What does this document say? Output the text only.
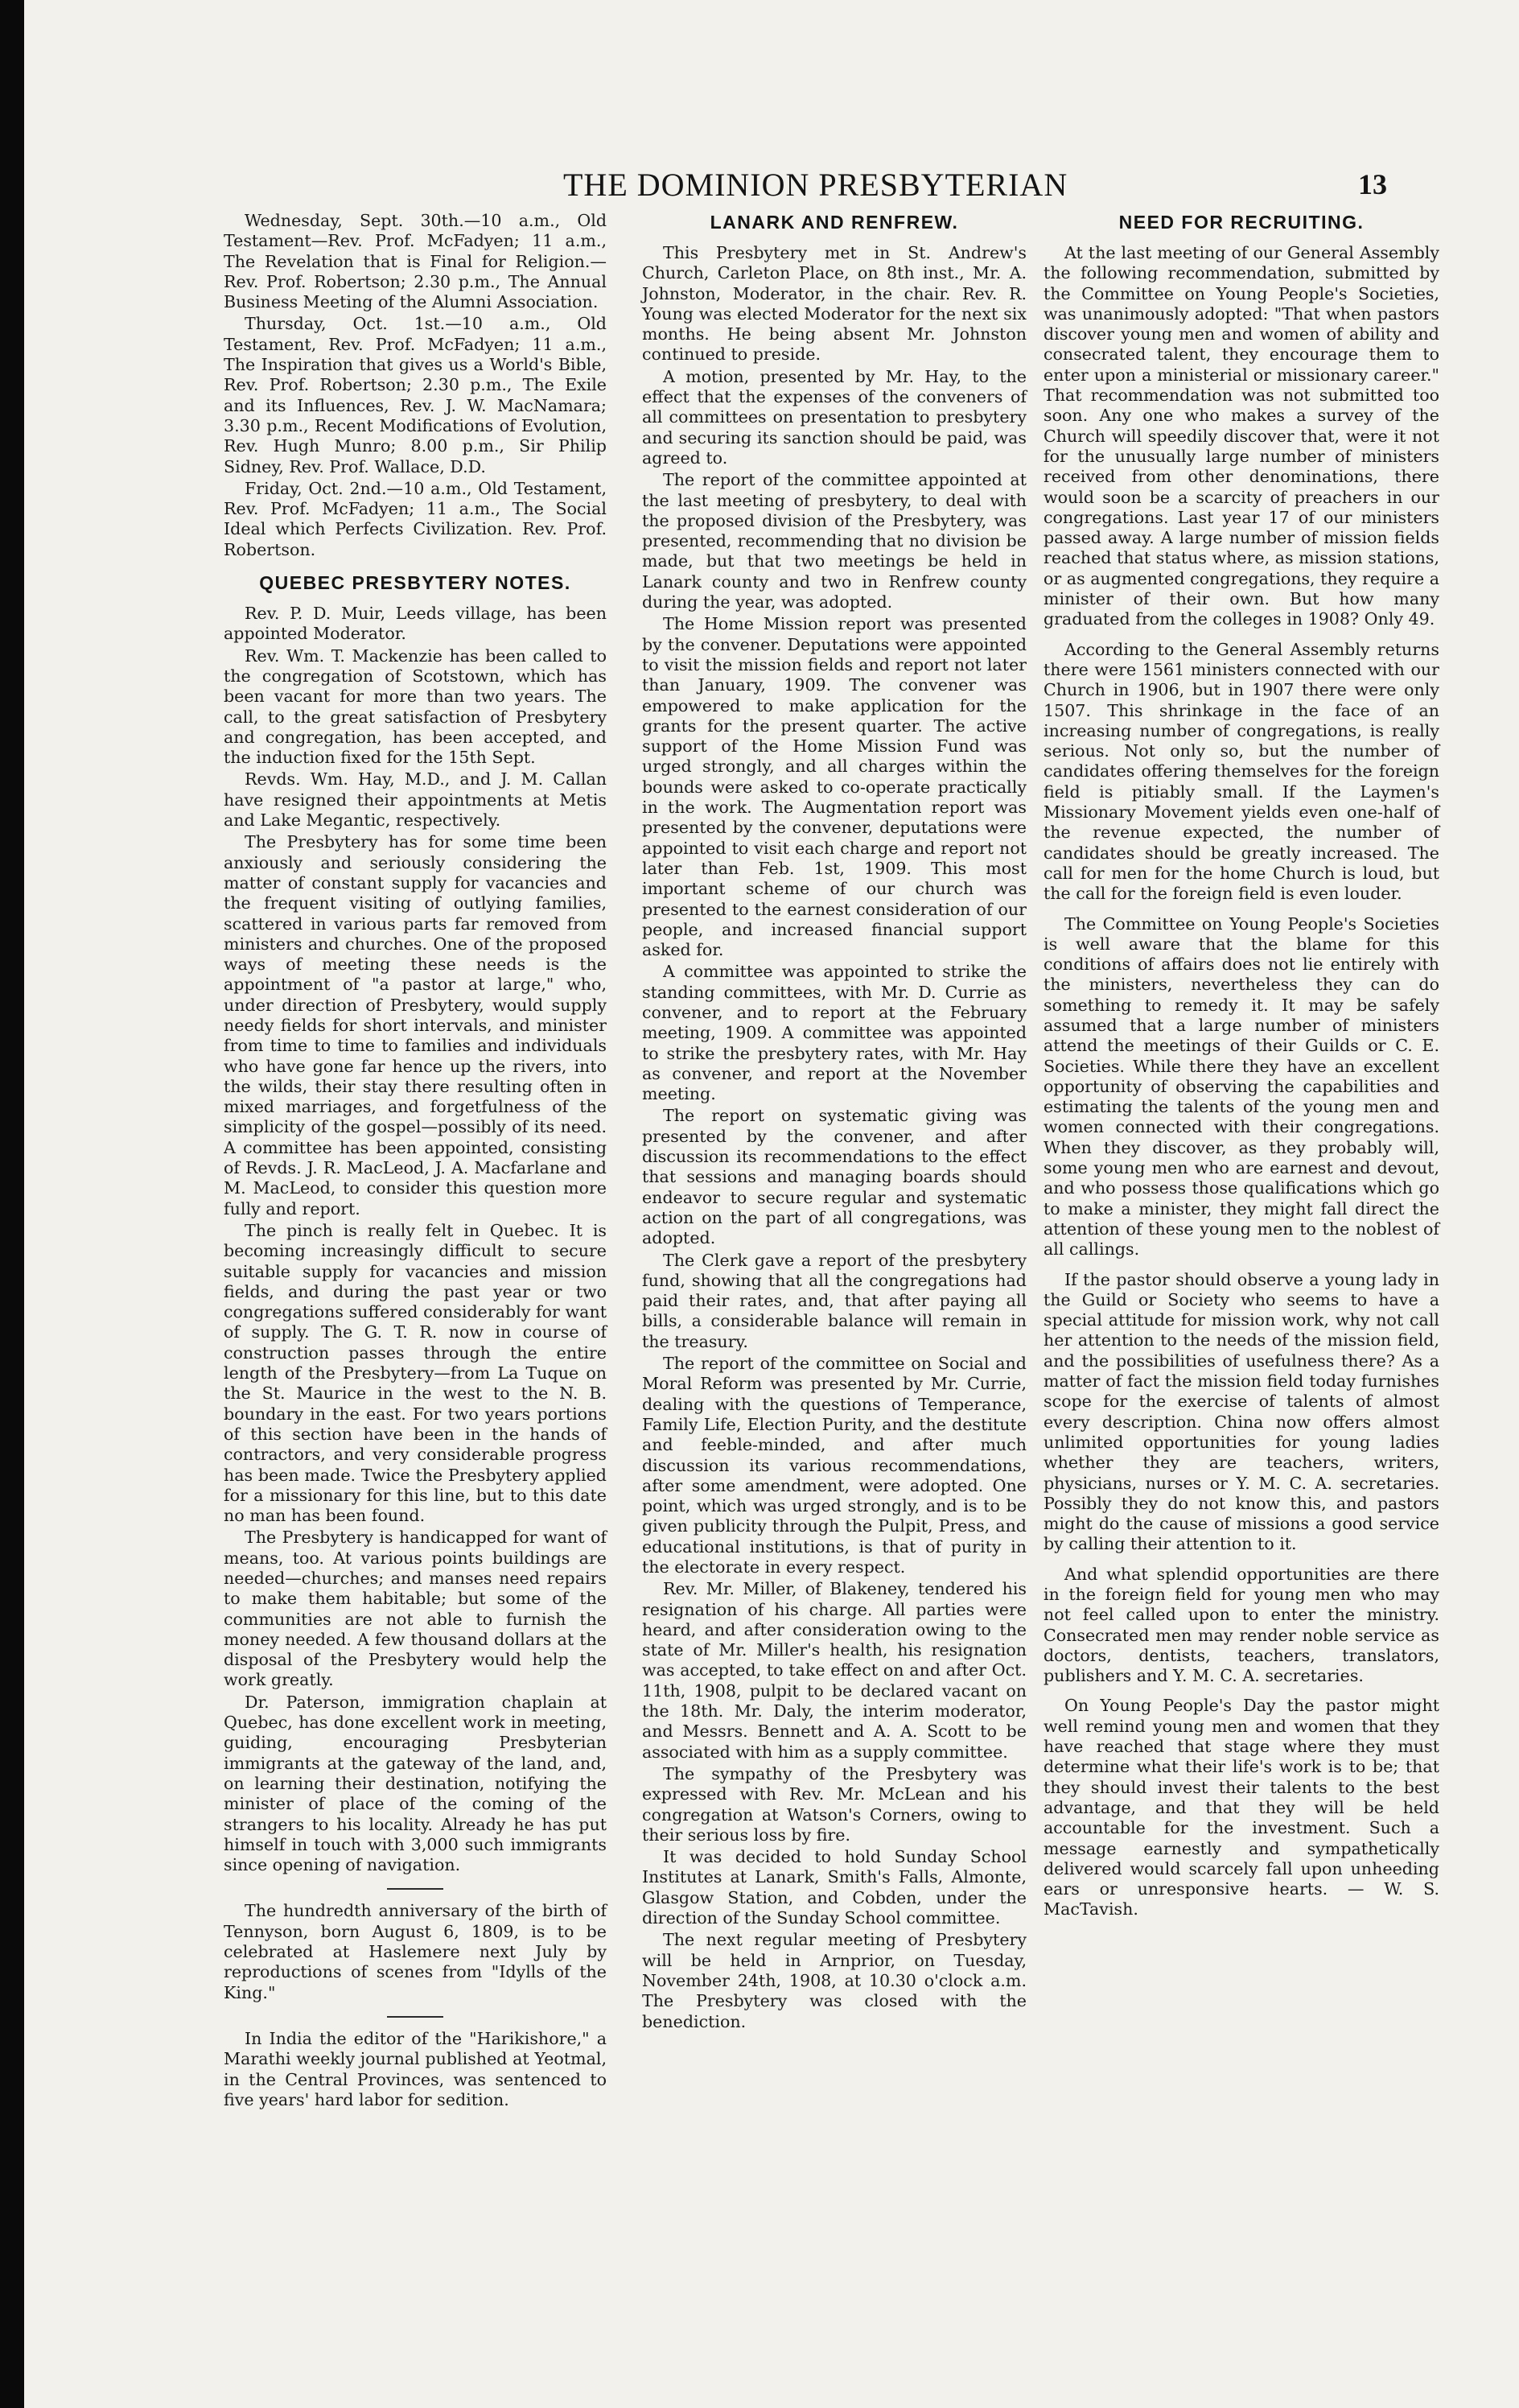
THE DOMINION PRESBYTERIAN	13

Wednesday, Sept. 30th.—10 a.m., Old Testament—Rev. Prof. McFadyen; 11 a.m., The Revelation that is Final for Religion.—Rev. Prof. Robertson; 2.30 p.m., The Annual Business Meeting of the Alumni Association.

Thursday, Oct. 1st.—10 a.m., Old Testament, Rev. Prof. McFadyen; 11 a.m., The Inspiration that gives us a World's Bible, Rev. Prof. Robertson; 2.30 p.m., The Exile and its Influences, Rev. J. W. MacNamara; 3.30 p.m., Recent Modifications of Evolution, Rev. Hugh Munro; 8.00 p.m., Sir Philip Sidney, Rev. Prof. Wallace, D.D.

Friday, Oct. 2nd.—10 a.m., Old Testament, Rev. Prof. McFadyen; 11 a.m., The Social Ideal which Perfects Civilization. Rev. Prof. Robertson.

QUEBEC PRESBYTERY NOTES.

Rev. P. D. Muir, Leeds village, has been appointed Moderator.

Rev. Wm. T. Mackenzie has been called to the congregation of Scotstown, which has been vacant for more than two years. The call, to the great satisfaction of Presbytery and congregation, has been accepted, and the induction fixed for the 15th Sept.

Revds. Wm. Hay, M.D., and J. M. Callan have resigned their appointments at Metis and Lake Megantic, respectively.

The Presbytery has for some time been anxiously and seriously considering the matter of constant supply for vacancies and the frequent visiting of outlying families, scattered in various parts far removed from ministers and churches. One of the proposed ways of meeting these needs is the appointment of "a pastor at large," who, under direction of Presbytery, would supply needy fields for short intervals, and minister from time to time to families and individuals who have gone far hence up the rivers, into the wilds, their stay there resulting often in mixed marriages, and forgetfulness of the simplicity of the gospel—possibly of its need. A committee has been appointed, consisting of Revds. J. R. MacLeod, J. A. Macfarlane and M. MacLeod, to consider this question more fully and report.

The pinch is really felt in Quebec. It is becoming increasingly difficult to secure suitable supply for vacancies and mission fields, and during the past year or two congregations suffered considerably for want of supply. The G. T. R. now in course of construction passes through the entire length of the Presbytery—from La Tuque on the St. Maurice in the west to the N. B. boundary in the east. For two years portions of this section have been in the hands of contractors, and very considerable progress has been made. Twice the Presbytery applied for a missionary for this line, but to this date no man has been found.

The Presbytery is handicapped for want of means, too. At various points buildings are needed—churches; and manses need repairs to make them habitable; but some of the communities are not able to furnish the money needed. A few thousand dollars at the disposal of the Presbytery would help the work greatly.

Dr. Paterson, immigration chaplain at Quebec, has done excellent work in meeting, guiding, encouraging Presbyterian immigrants at the gateway of the land, and, on learning their destination, notifying the minister of place of the coming of the strangers to his locality. Already he has put himself in touch with 3,000 such immigrants since opening of navigation.

The hundredth anniversary of the birth of Tennyson, born August 6, 1809, is to be celebrated at Haslemere next July by reproductions of scenes from "Idylls of the King."

In India the editor of the "Harikishore," a Marathi weekly journal published at Yeotmal, in the Central Provinces, was sentenced to five years' hard labor for sedition.

LANARK AND RENFREW.

This Presbytery met in St. Andrew's Church, Carleton Place, on 8th inst., Mr. A. Johnston, Moderator, in the chair. Rev. R. Young was elected Moderator for the next six months. He being absent Mr. Johnston continued to preside.

A motion, presented by Mr. Hay, to the effect that the expenses of the conveners of all committees on presentation to presbytery and securing its sanction should be paid, was agreed to.

The report of the committee appointed at the last meeting of presbytery, to deal with the proposed division of the Presbytery, was presented, recommending that no division be made, but that two meetings be held in Lanark county and two in Renfrew county during the year, was adopted.

The Home Mission report was presented by the convener. Deputations were appointed to visit the mission fields and report not later than January, 1909. The convener was empowered to make application for the grants for the present quarter. The active support of the Home Mission Fund was urged strongly, and all charges within the bounds were asked to co-operate practically in the work. The Augmentation report was presented by the convener, deputations were appointed to visit each charge and report not later than Feb. 1st, 1909. This most important scheme of our church was presented to the earnest consideration of our people, and increased financial support asked for.

A committee was appointed to strike the standing committees, with Mr. D. Currie as convener, and to report at the February meeting, 1909. A committee was appointed to strike the presbytery rates, with Mr. Hay as convener, and report at the November meeting.

The report on systematic giving was presented by the convener, and after discussion its recommendations to the effect that sessions and managing boards should endeavor to secure regular and systematic action on the part of all congregations, was adopted.

The Clerk gave a report of the presbytery fund, showing that all the congregations had paid their rates, and, that after paying all bills, a considerable balance will remain in the treasury.

The report of the committee on Social and Moral Reform was presented by Mr. Currie, dealing with the questions of Temperance, Family Life, Election Purity, and the destitute and feeble-minded, and after much discussion its various recommendations, after some amendment, were adopted. One point, which was urged strongly, and is to be given publicity through the Pulpit, Press, and educational institutions, is that of purity in the electorate in every respect.

Rev. Mr. Miller, of Blakeney, tendered his resignation of his charge. All parties were heard, and after consideration owing to the state of Mr. Miller's health, his resignation was accepted, to take effect on and after Oct. 11th, 1908, pulpit to be declared vacant on the 18th. Mr. Daly, the interim moderator, and Messrs. Bennett and A. A. Scott to be associated with him as a supply committee.

The sympathy of the Presbytery was expressed with Rev. Mr. McLean and his congregation at Watson's Corners, owing to their serious loss by fire.

It was decided to hold Sunday School Institutes at Lanark, Smith's Falls, Almonte, Glasgow Station, and Cobden, under the direction of the Sunday School committee.

The next regular meeting of Presbytery will be held in Arnprior, on Tuesday, November 24th, 1908, at 10.30 o'clock a.m. The Presbytery was closed with the benediction.

NEED FOR RECRUITING.

At the last meeting of our General Assembly the following recommendation, submitted by the Committee on Young People's Societies, was unanimously adopted: "That when pastors discover young men and women of ability and consecrated talent, they encourage them to enter upon a ministerial or missionary career." That recommendation was not submitted too soon. Any one who makes a survey of the Church will speedily discover that, were it not for the unusually large number of ministers received from other denominations, there would soon be a scarcity of preachers in our congregations. Last year 17 of our ministers passed away. A large number of mission fields reached that status where, as mission stations, or as augmented congregations, they require a minister of their own. But how many graduated from the colleges in 1908? Only 49.

According to the General Assembly returns there were 1561 ministers connected with our Church in 1906, but in 1907 there were only 1507. This shrinkage in the face of an increasing number of congregations, is really serious. Not only so, but the number of candidates offering themselves for the foreign field is pitiably small. If the Laymen's Missionary Movement yields even one-half of the revenue expected, the number of candidates should be greatly increased. The call for men for the home Church is loud, but the call for the foreign field is even louder.

The Committee on Young People's Societies is well aware that the blame for this conditions of affairs does not lie entirely with the ministers, nevertheless they can do something to remedy it. It may be safely assumed that a large number of ministers attend the meetings of their Guilds or C. E. Societies. While there they have an excellent opportunity of observing the capabilities and estimating the talents of the young men and women connected with their congregations. When they discover, as they probably will, some young men who are earnest and devout, and who possess those qualifications which go to make a minister, they might fall direct the attention of these young men to the noblest of all callings.

If the pastor should observe a young lady in the Guild or Society who seems to have a special attitude for mission work, why not call her attention to the needs of the mission field, and the possibilities of usefulness there? As a matter of fact the mission field today furnishes scope for the exercise of talents of almost every description. China now offers almost unlimited opportunities for young ladies whether they are teachers, writers, physicians, nurses or Y. M. C. A. secretaries. Possibly they do not know this, and pastors might do the cause of missions a good service by calling their attention to it.

And what splendid opportunities are there in the foreign field for young men who may not feel called upon to enter the ministry. Consecrated men may render noble service as doctors, dentists, teachers, translators, publishers and Y. M. C. A. secretaries.

On Young People's Day the pastor might well remind young men and women that they have reached that stage where they must determine what their life's work is to be; that they should invest their talents to the best advantage, and that they will be held accountable for the investment. Such a message earnestly and sympathetically delivered would scarcely fall upon unheeding ears or unresponsive hearts. — W. S. MacTavish.
